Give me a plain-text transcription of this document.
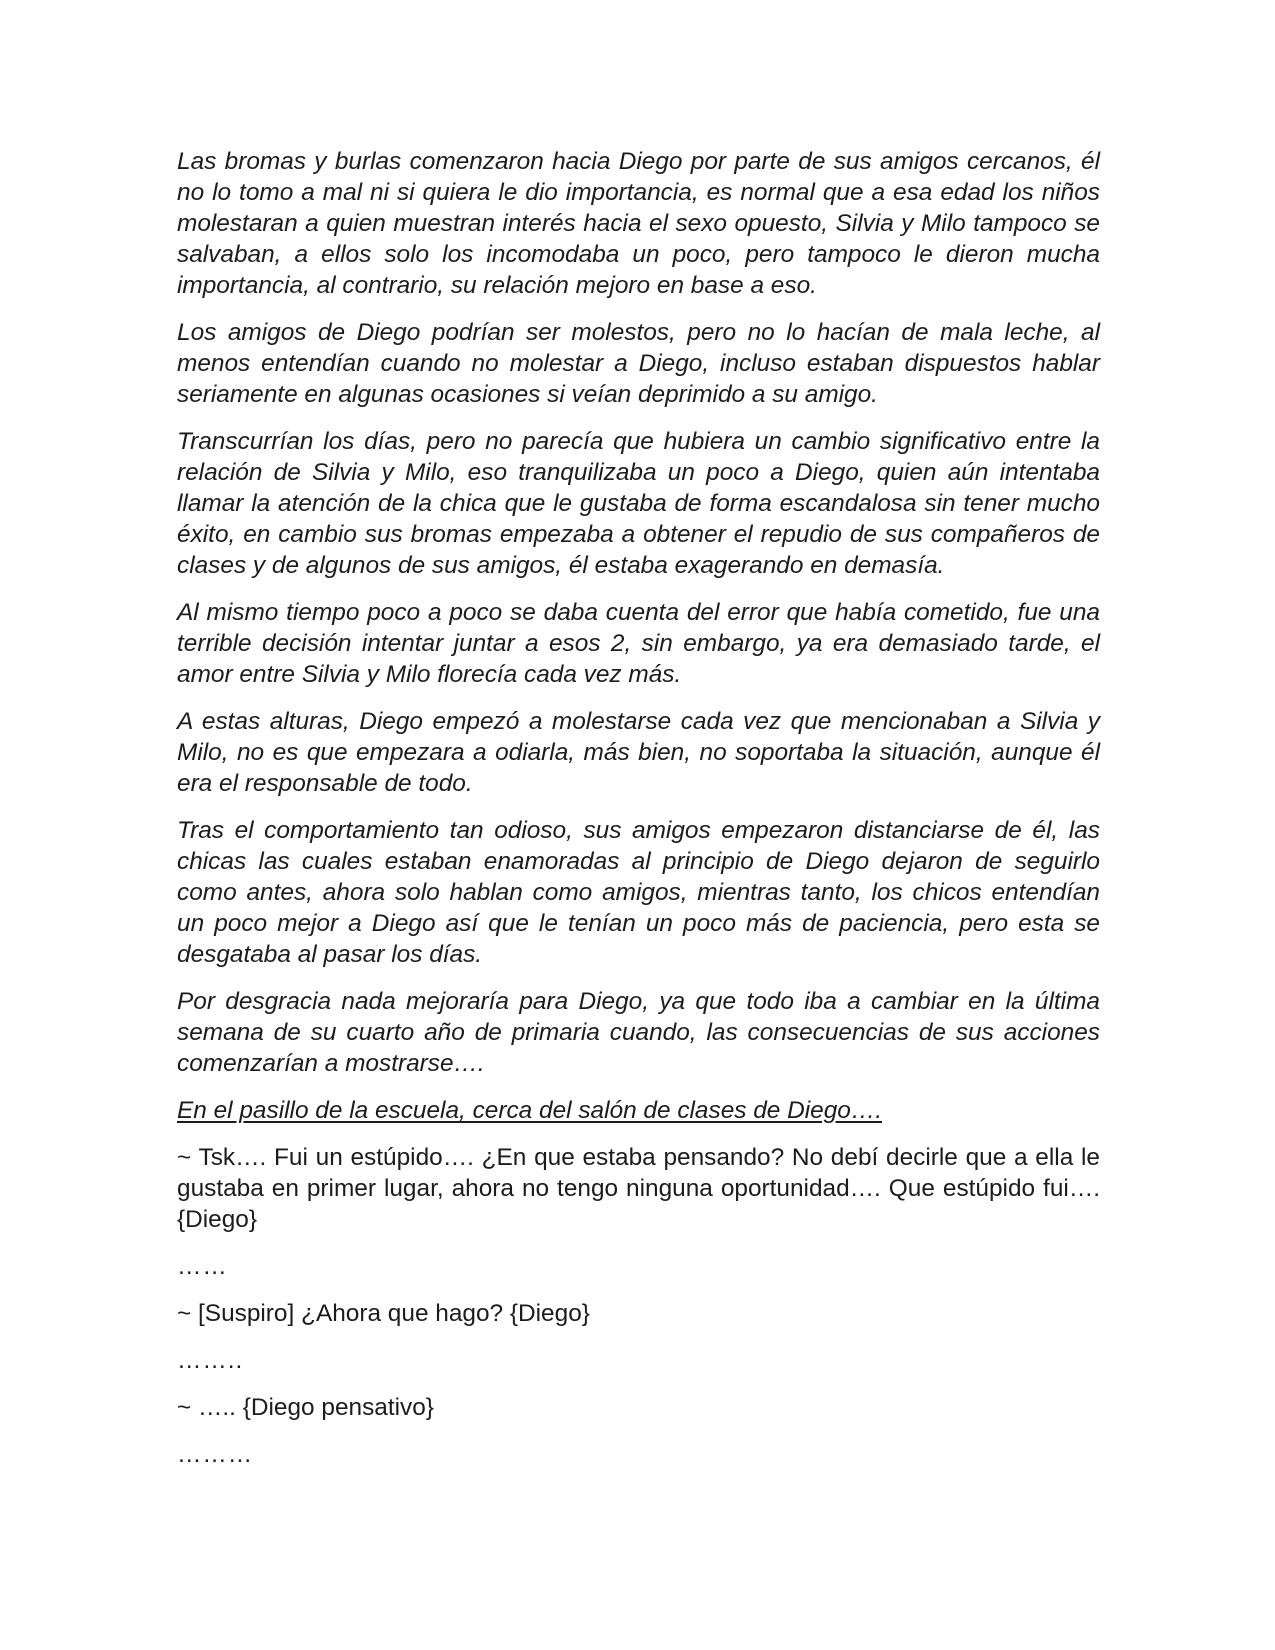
Las bromas y burlas comenzaron hacia Diego por parte de sus amigos cercanos, él no lo tomo a mal ni si quiera le dio importancia, es normal que a esa edad los niños molestaran a quien muestran interés hacia el sexo opuesto, Silvia y Milo tampoco se salvaban, a ellos solo los incomodaba un poco, pero tampoco le dieron mucha importancia, al contrario, su relación mejoro en base a eso.

Los amigos de Diego podrían ser molestos, pero no lo hacían de mala leche, al menos entendían cuando no molestar a Diego, incluso estaban dispuestos hablar seriamente en algunas ocasiones si veían deprimido a su amigo.

Transcurrían los días, pero no parecía que hubiera un cambio significativo entre la relación de Silvia y Milo, eso tranquilizaba un poco a Diego, quien aún intentaba llamar la atención de la chica que le gustaba de forma escandalosa sin tener mucho éxito, en cambio sus bromas empezaba a obtener el repudio de sus compañeros de clases y de algunos de sus amigos, él estaba exagerando en demasía.

Al mismo tiempo poco a poco se daba cuenta del error que había cometido, fue una terrible decisión intentar juntar a esos 2, sin embargo, ya era demasiado tarde, el amor entre Silvia y Milo florecía cada vez más.

A estas alturas, Diego empezó a molestarse cada vez que mencionaban a Silvia y Milo, no es que empezara a odiarla, más bien, no soportaba la situación, aunque él era el responsable de todo.

Tras el comportamiento tan odioso, sus amigos empezaron distanciarse de él, las chicas las cuales estaban enamoradas al principio de Diego dejaron de seguirlo como antes, ahora solo hablan como amigos, mientras tanto, los chicos entendían un poco mejor a Diego así que le tenían un poco más de paciencia, pero esta se desgataba al pasar los días.

Por desgracia nada mejoraría para Diego, ya que todo iba a cambiar en la última semana de su cuarto año de primaria cuando, las consecuencias de sus acciones comenzarían a mostrarse….

En el pasillo de la escuela, cerca del salón de clases de Diego….

~ Tsk…. Fui un estúpido…. ¿En que estaba pensando? No debí decirle que a ella le gustaba en primer lugar, ahora no tengo ninguna oportunidad…. Que estúpido fui…. {Diego}

……

~ [Suspiro] ¿Ahora que hago? {Diego}

……..

~ ….. {Diego pensativo}

………
